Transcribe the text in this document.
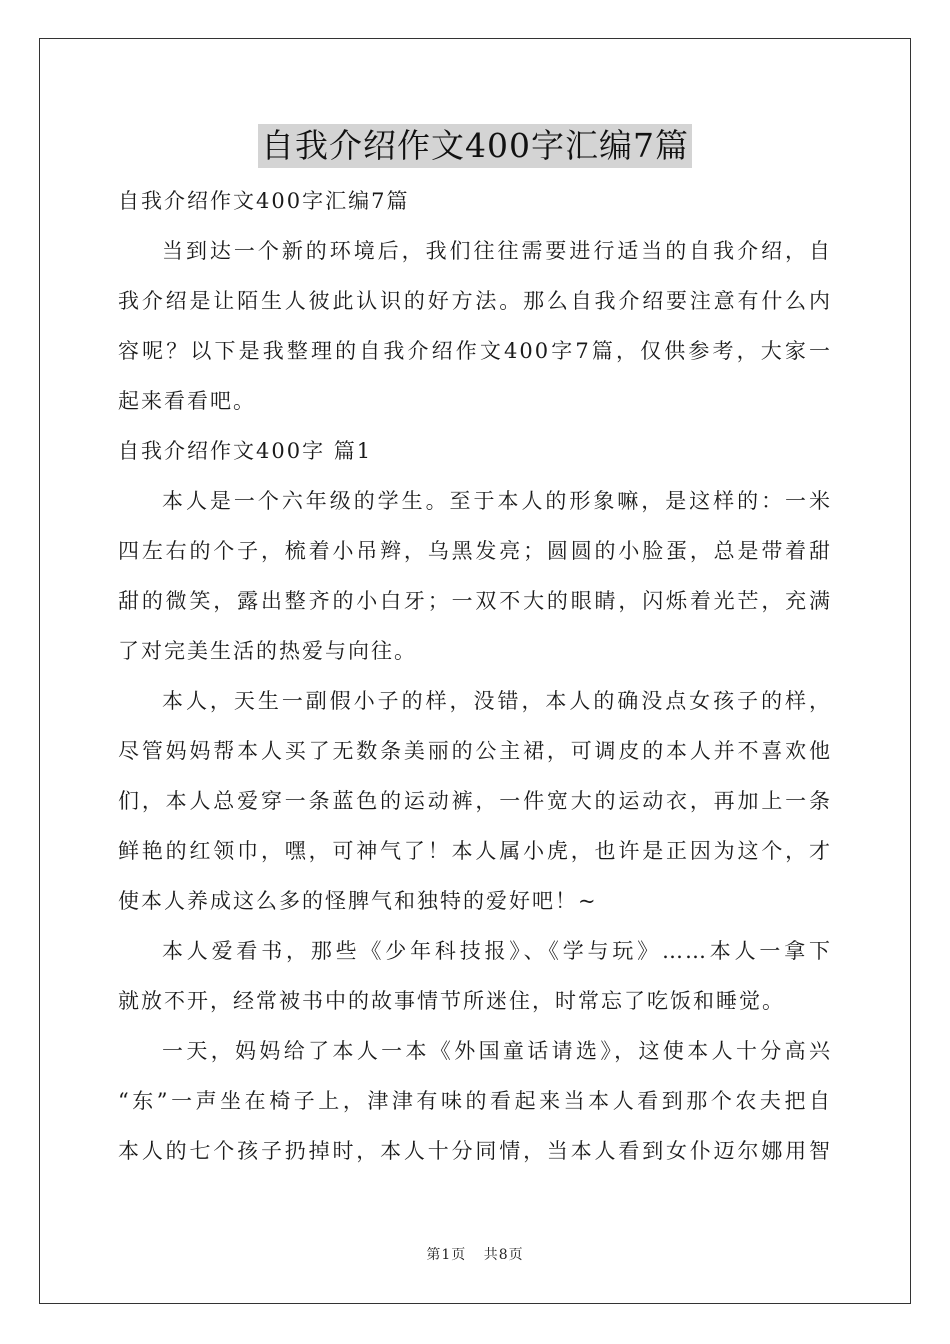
自我介绍作文400字汇编7篇
自我介绍作文400字汇编7篇
当到达一个新的环境后，我们往往需要进行适当的自我介绍，自
我介绍是让陌生人彼此认识的好方法。那么自我介绍要注意有什么内
容呢？以下是我整理的自我介绍作文400字7篇，仅供参考，大家一
起来看看吧。
自我介绍作文400字 篇1
本人是一个六年级的学生。至于本人的形象嘛，是这样的：一米
四左右的个子，梳着小吊辫，乌黑发亮；圆圆的小脸蛋，总是带着甜
甜的微笑，露出整齐的小白牙；一双不大的眼睛，闪烁着光芒，充满
了对完美生活的热爱与向往。
本人，天生一副假小子的样，没错，本人的确没点女孩子的样，
尽管妈妈帮本人买了无数条美丽的公主裙，可调皮的本人并不喜欢他
们，本人总爱穿一条蓝色的运动裤，一件宽大的运动衣，再加上一条
鲜艳的红领巾，嘿，可神气了！本人属小虎，也许是正因为这个，才
使本人养成这么多的怪脾气和独特的爱好吧！~
本人爱看书，那些《少年科技报》、《学与玩》……本人一拿下
就放不开，经常被书中的故事情节所迷住，时常忘了吃饭和睡觉。
一天，妈妈给了本人一本《外国童话请选》，这使本人十分高兴
“东”一声坐在椅子上，津津有味的看起来当本人看到那个农夫把自
本人的七个孩子扔掉时，本人十分同情，当本人看到女仆迈尔娜用智
第1页 共8页
